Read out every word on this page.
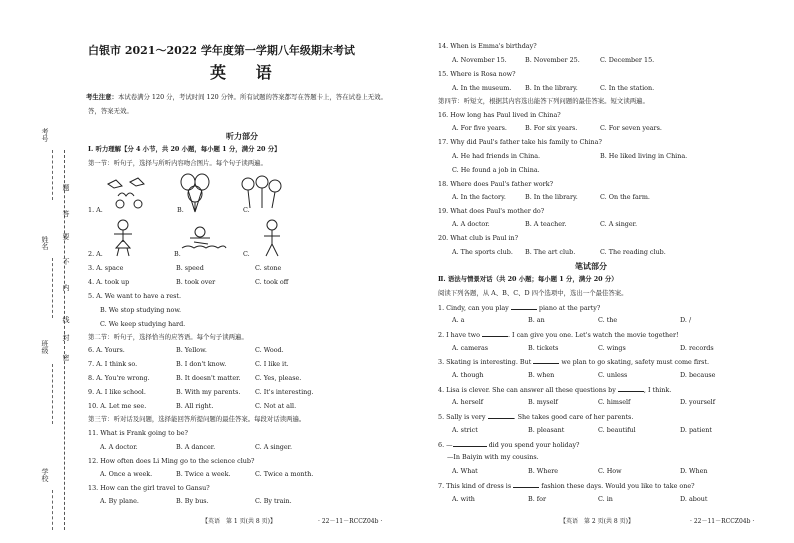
考号
姓名
班级
学校
题
答
要
不
内
线
封
密
白银市 2021～2022 学年度第一学期八年级期末考试
英 语
考生注意：本试卷满分 120 分，考试时间 120 分钟。所有试题的答案都写在答题卡上，答在试卷上无效。
答，答案无效。
听力部分
Ⅰ. 听力理解【分 4 小节，共 20 小题，每小题 1 分，满分 20 分】
第一节：听句子，选择与所听内容吻合图片。每个句子读两遍。
1. A.	B.	C.
2. A.	B.	C.
3. A. space	B. speed	C. stone
4. A. took up	B. took over	C. took off
5. A. We want to have a rest.
B. We stop studying now.
C. We keep studying hard.
第二节：听句子，选择恰当的应答语。每个句子读两遍。
6. A. Yours.	B. Yellow.	C. Wood.
7. A. I think so.	B. I don't know.	C. I like it.
8. A. You're wrong.	B. It doesn't matter. C. Yes, please.
9. A. I like school.	B. With my parents. C. It's interesting.
10. A. Let me see.	B. All right.	C. Not at all.
第三节：听对话及问题，选择能回答所提问题的最佳答案。每段对话读两遍。
11. What is Frank going to be?
A. A doctor.	B. A dancer.	C. A singer.
12. How often does Li Ming go to the science club?
A. Once a week.	B. Twice a week.	C. Twice a month.
13. How can the girl travel to Gansu?
A. By plane.	B. By bus.	C. By train.
【英语　第 1 页(共 8 页)】	· 22－11－RCCZ04b ·
14. When is Emma's birthday?
A. November 15.	B. November 25.	C. December 15.
15. Where is Rosa now?
A. In the museum. B. In the library.	C. In the station.
第四节：听短文，根据其内容选出能答下列问题的最佳答案。短文读两遍。
16. How long has Paul lived in China?
A. For five years.	B. For six years.	C. For seven years.
17. Why did Paul's father take his family to China?
A. He had friends in China.	B. He liked living in China.
C. He found a job in China.
18. Where does Paul's father work?
A. In the factory.	B. In the library.	C. On the farm.
19. What does Paul's mother do?
A. A doctor.	B. A teacher.	C. A singer.
20. What club is Paul in?
A. The sports club. B. The art club.	C. The reading club.
笔试部分
Ⅱ. 语法与情景对话（共 20 小题；每小题 1 分，满分 20 分）
阅读下列各题，从 A、B、C、D 四个选项中，选出一个最佳答案。
1. Cindy, can you play	piano at the party?
A. a	B. an	C. the	D. /
2. I have two	. I can give you one. Let's watch the movie together!
A. cameras	B. tickets	C. wings	D. records
3. Skating is interesting. But	we plan to go skating, safety must come first.
A. though	B. when	C. unless	D. because
4. Lisa is clever. She can answer all these questions by	, I think.
A. herself	B. myself	C. himself	D. yourself
5. Sally is very	. She takes good care of her parents.
A. strict	B. pleasant	C. beautiful	D. patient
6. —	did you spend your holiday?
—In Baiyin with my cousins.
A. What	B. Where	C. How	D. When
7. This kind of dress is	fashion these days. Would you like to take one?
A. with	B. for	C. in	D. about
【英语　第 2 页(共 8 页)】	· 22－11－RCCZ04b ·
